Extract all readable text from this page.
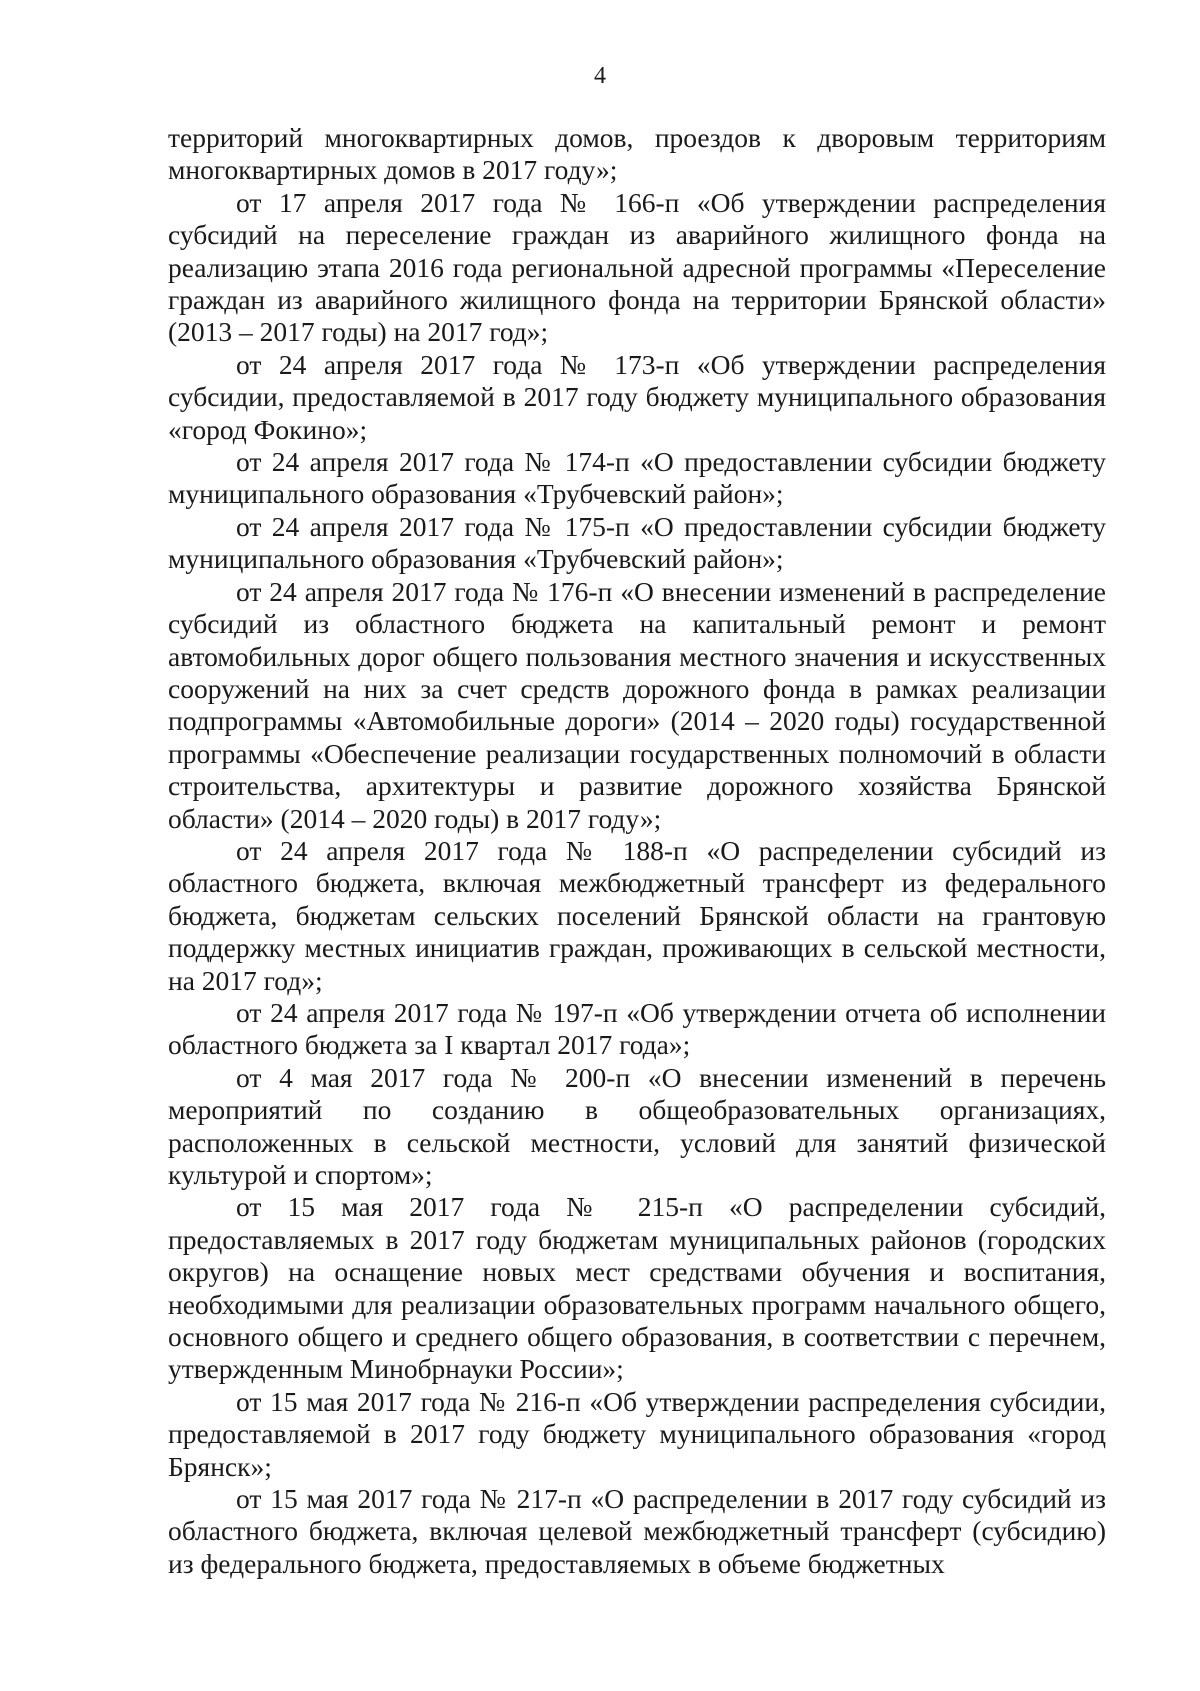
4

территорий многоквартирных домов, проездов к дворовым территориям многоквартирных домов в 2017 году»;

от 17 апреля 2017 года № 166-п «Об утверждении распределения субсидий на переселение граждан из аварийного жилищного фонда на реализацию этапа 2016 года региональной адресной программы «Переселение граждан из аварийного жилищного фонда на территории Брянской области» (2013 – 2017 годы) на 2017 год»;

от 24 апреля 2017 года № 173-п «Об утверждении распределения субсидии, предоставляемой в 2017 году бюджету муниципального образования «город Фокино»;

от 24 апреля 2017 года № 174-п «О предоставлении субсидии бюджету муниципального образования «Трубчевский район»;

от 24 апреля 2017 года № 175-п «О предоставлении субсидии бюджету муниципального образования «Трубчевский район»;

от 24 апреля 2017 года № 176-п «О внесении изменений в распределение субсидий из областного бюджета на капитальный ремонт и ремонт автомобильных дорог общего пользования местного значения и искусственных сооружений на них за счет средств дорожного фонда в рамках реализации подпрограммы «Автомобильные дороги» (2014 – 2020 годы) государственной программы «Обеспечение реализации государственных полномочий в области строительства, архитектуры и развитие дорожного хозяйства Брянской области» (2014 – 2020 годы) в 2017 году»;

от 24 апреля 2017 года № 188-п «О распределении субсидий из областного бюджета, включая межбюджетный трансферт из федерального бюджета, бюджетам сельских поселений Брянской области на грантовую поддержку местных инициатив граждан, проживающих в сельской местности, на 2017 год»;

от 24 апреля 2017 года № 197-п «Об утверждении отчета об исполнении областного бюджета за I квартал 2017 года»;

от 4 мая 2017 года № 200-п «О внесении изменений в перечень мероприятий по созданию в общеобразовательных организациях, расположенных в сельской местности, условий для занятий физической культурой и спортом»;

от 15 мая 2017 года № 215-п «О распределении субсидий, предоставляемых в 2017 году бюджетам муниципальных районов (городских округов) на оснащение новых мест средствами обучения и воспитания, необходимыми для реализации образовательных программ начального общего, основного общего и среднего общего образования, в соответствии с перечнем, утвержденным Минобрнауки России»;

от 15 мая 2017 года № 216-п «Об утверждении распределения субсидии, предоставляемой в 2017 году бюджету муниципального образования «город Брянск»;

от 15 мая 2017 года № 217-п «О распределении в 2017 году субсидий из областного бюджета, включая целевой межбюджетный трансферт (субсидию) из федерального бюджета, предоставляемых в объеме бюджетных
